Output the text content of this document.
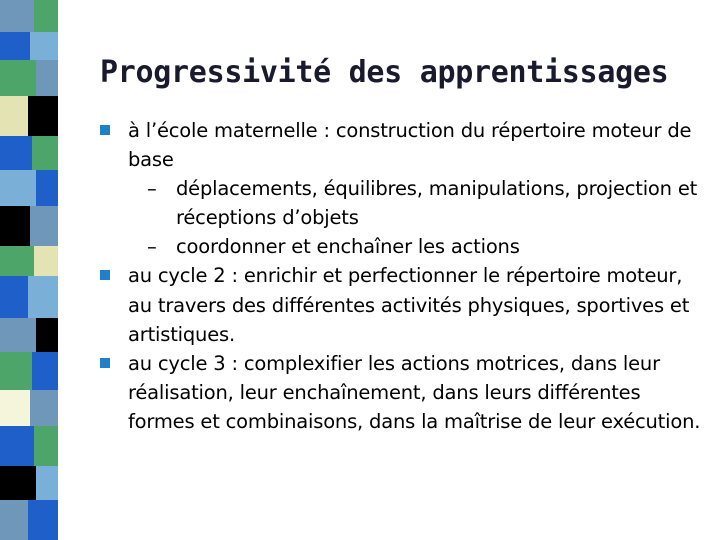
Progressivité des apprentissages
à l’école maternelle : construction du répertoire moteur de base
– déplacements, équilibres, manipulations, projection et réceptions d’objets
– coordonner et enchaîner les actions
au cycle 2 : enrichir et perfectionner le répertoire moteur, au travers des différentes activités physiques, sportives et artistiques.
au cycle 3 : complexifier les actions motrices, dans leur réalisation, leur enchaînement, dans leurs différentes formes et combinaisons, dans la maîtrise de leur exécution.
